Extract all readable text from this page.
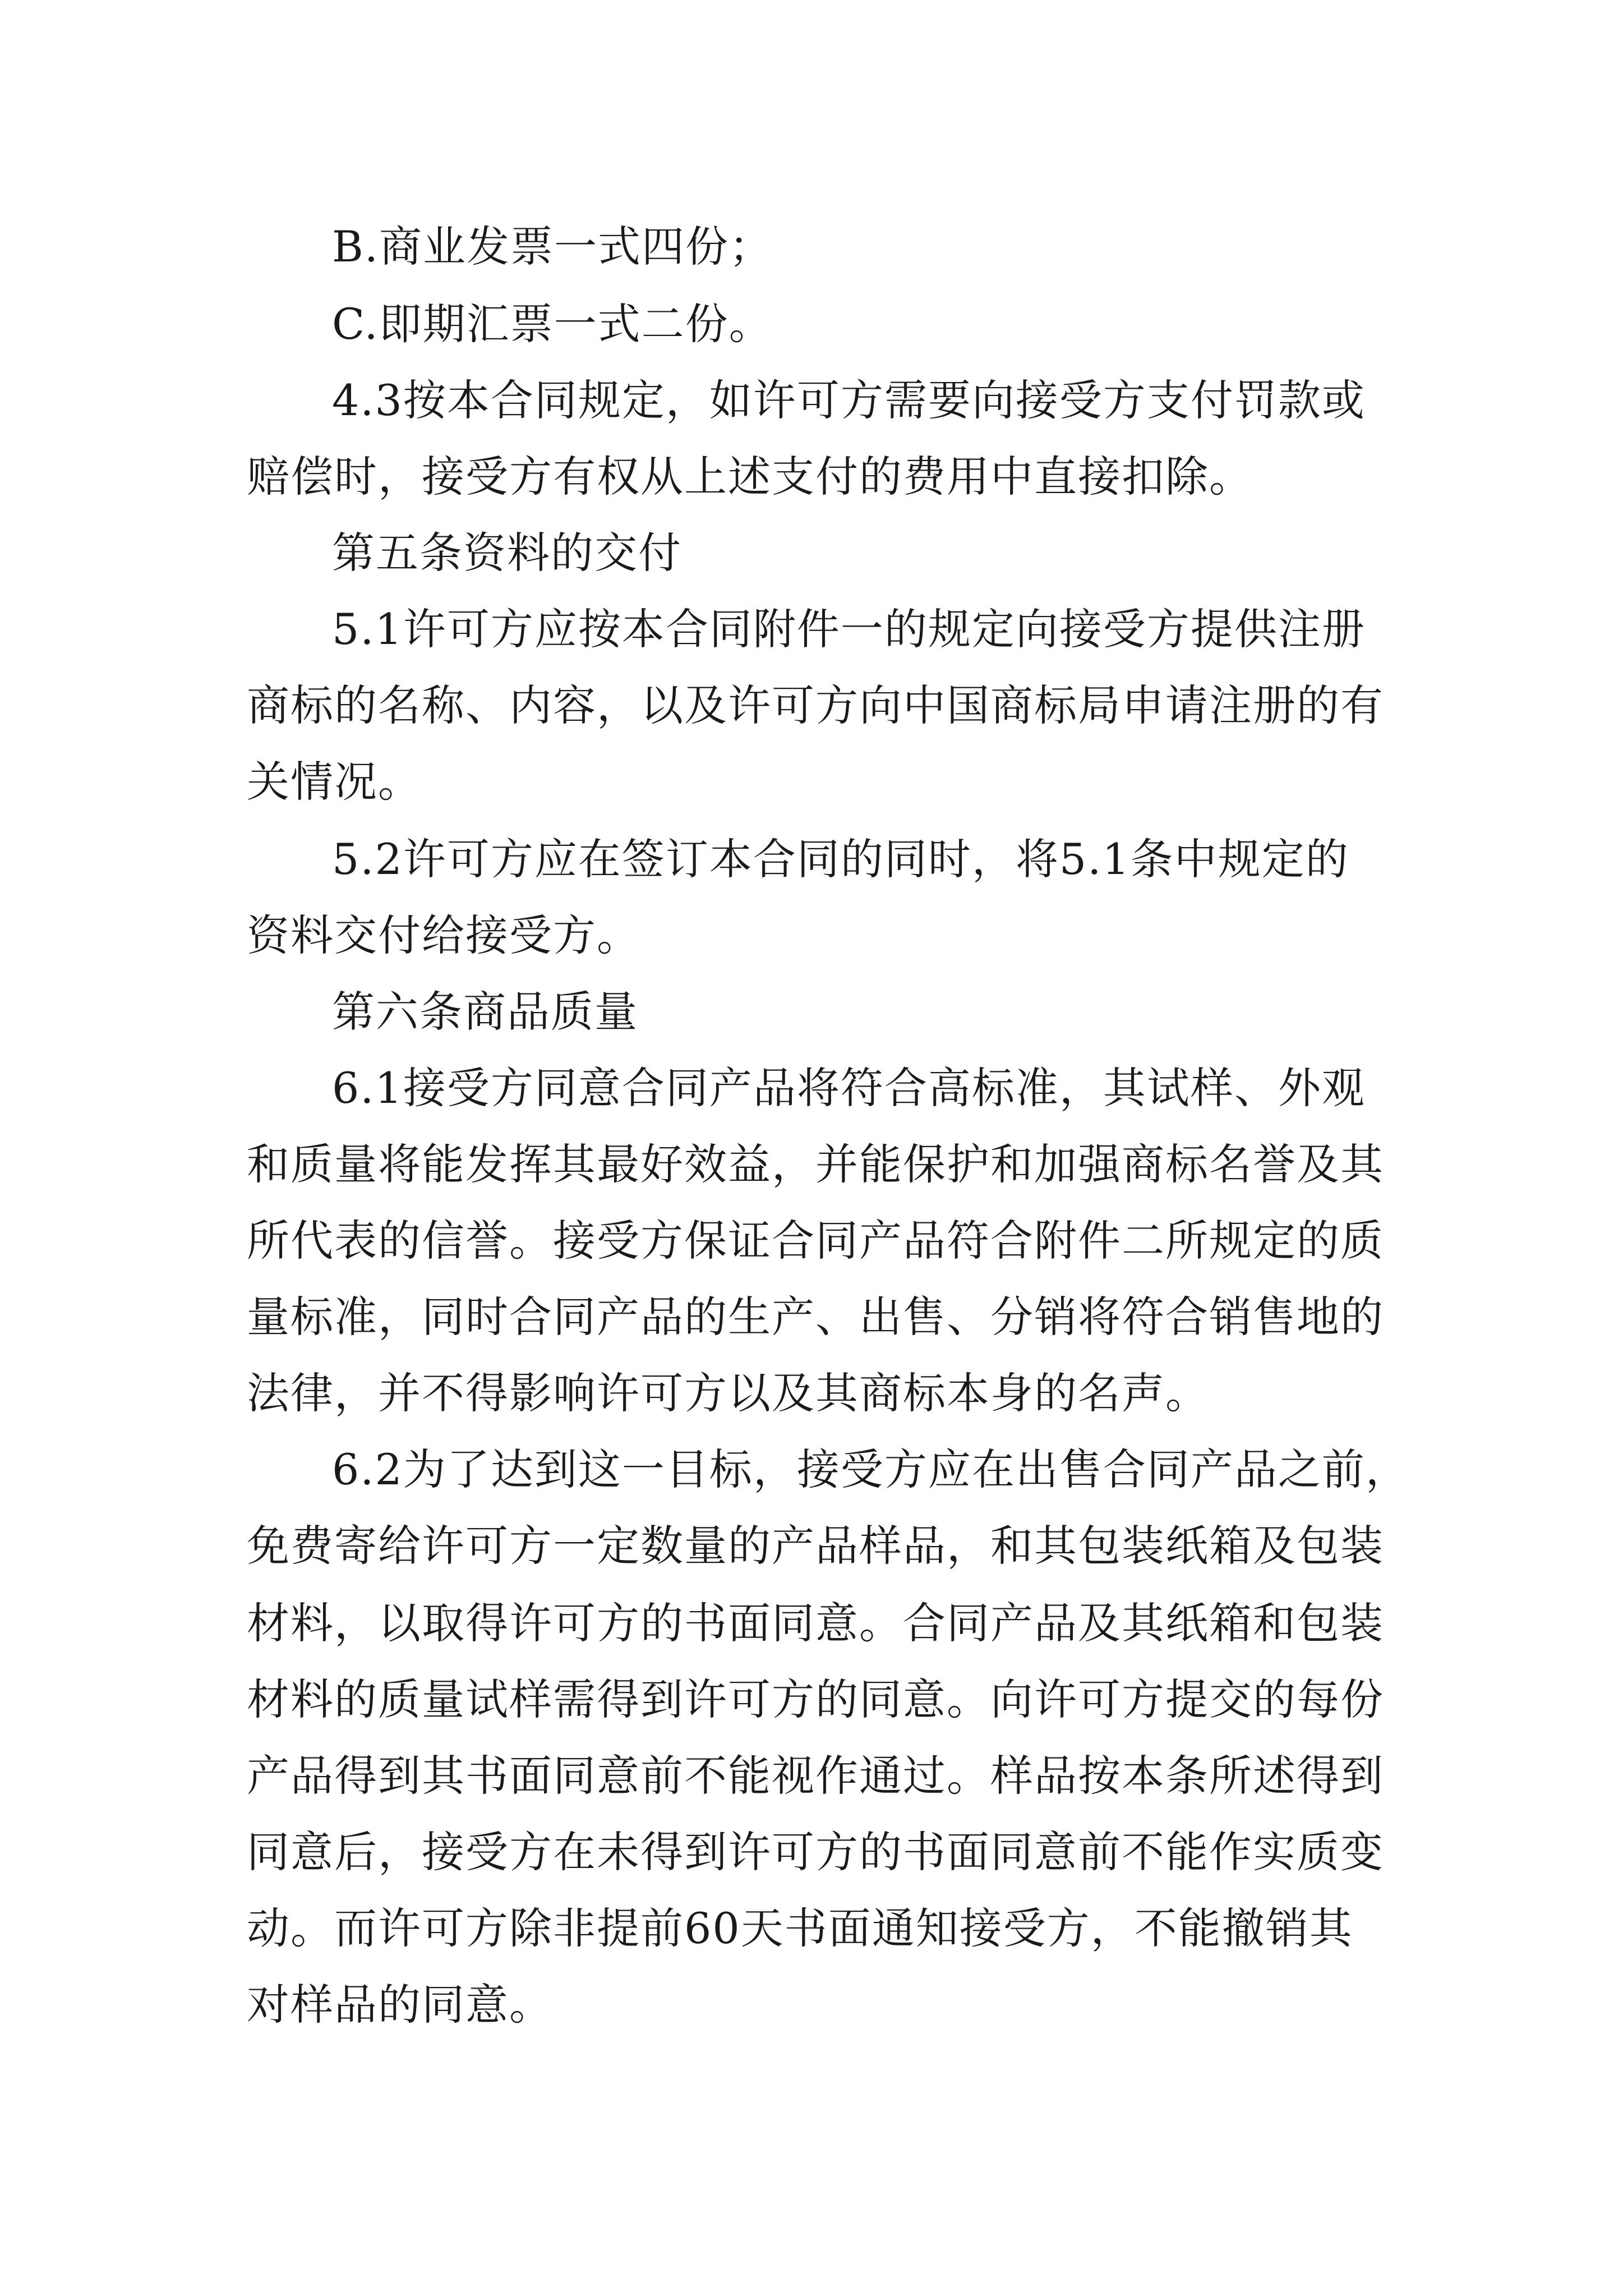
B.商业发票一式四份；
C.即期汇票一式二份。
4.3按本合同规定，如许可方需要向接受方支付罚款或
赔偿时，接受方有权从上述支付的费用中直接扣除。
第五条资料的交付
5.1许可方应按本合同附件一的规定向接受方提供注册
商标的名称、内容，以及许可方向中国商标局申请注册的有
关情况。
5.2许可方应在签订本合同的同时，将5.1条中规定的
资料交付给接受方。
第六条商品质量
6.1接受方同意合同产品将符合高标准，其试样、外观
和质量将能发挥其最好效益，并能保护和加强商标名誉及其
所代表的信誉。接受方保证合同产品符合附件二所规定的质
量标准，同时合同产品的生产、出售、分销将符合销售地的
法律，并不得影响许可方以及其商标本身的名声。
6.2为了达到这一目标，接受方应在出售合同产品之前，
免费寄给许可方一定数量的产品样品，和其包装纸箱及包装
材料，以取得许可方的书面同意。合同产品及其纸箱和包装
材料的质量试样需得到许可方的同意。向许可方提交的每份
产品得到其书面同意前不能视作通过。样品按本条所述得到
同意后，接受方在未得到许可方的书面同意前不能作实质变
动。而许可方除非提前60天书面通知接受方，不能撤销其
对样品的同意。
